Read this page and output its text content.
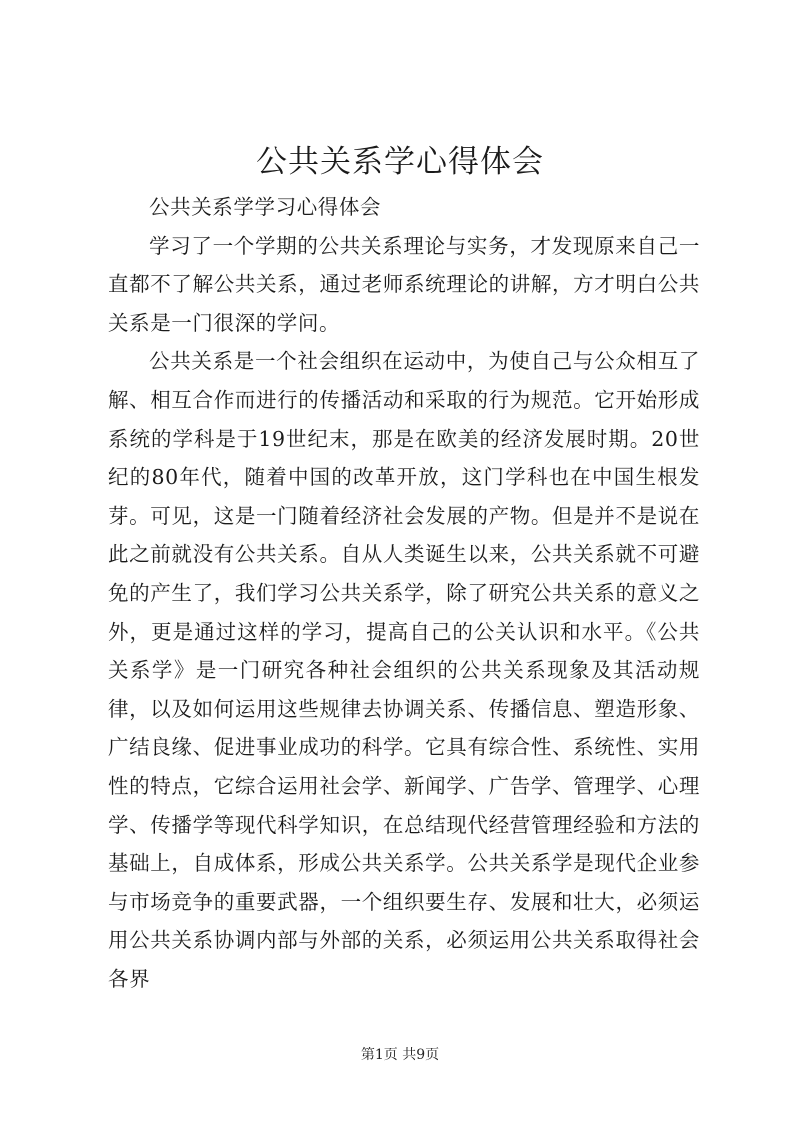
公共关系学心得体会

公共关系学学习心得体会

学习了一个学期的公共关系理论与实务，才发现原来自己一直都不了解公共关系，通过老师系统理论的讲解，方才明白公共关系是一门很深的学问。

公共关系是一个社会组织在运动中，为使自己与公众相互了解、相互合作而进行的传播活动和采取的行为规范。它开始形成系统的学科是于19世纪末，那是在欧美的经济发展时期。20世纪的80年代，随着中国的改革开放，这门学科也在中国生根发芽。可见，这是一门随着经济社会发展的产物。但是并不是说在此之前就没有公共关系。自从人类诞生以来，公共关系就不可避免的产生了，我们学习公共关系学，除了研究公共关系的意义之外，更是通过这样的学习，提高自己的公关认识和水平。《公共关系学》是一门研究各种社会组织的公共关系现象及其活动规律，以及如何运用这些规律去协调关系、传播信息、塑造形象、广结良缘、促进事业成功的科学。它具有综合性、系统性、实用性的特点，它综合运用社会学、新闻学、广告学、管理学、心理学、传播学等现代科学知识，在总结现代经营管理经验和方法的基础上，自成体系，形成公共关系学。公共关系学是现代企业参与市场竞争的重要武器，一个组织要生存、发展和壮大，必须运用公共关系协调内部与外部的关系，必须运用公共关系取得社会各界

第1页 共9页
